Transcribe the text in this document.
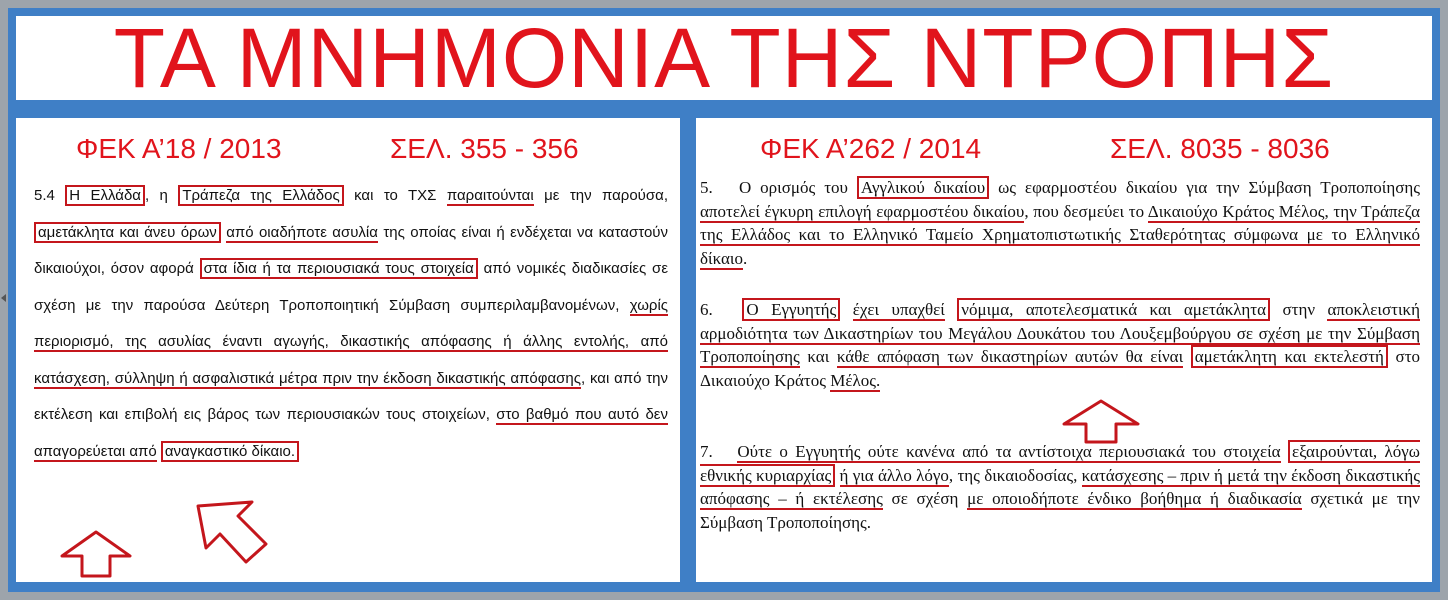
ΤΑ ΜΝΗΜΟΝΙΑ ΤΗΣ ΝΤΡΟΠΗΣ
ΦΕΚ Α’18 / 2013	ΣΕΛ. 355 - 356
5.4 Η Ελλάδα , η Τράπεζα της Ελλάδος και το ΤΧΣ παραιτούνται με την παρούσα, αμετάκλητα και άνευ όρων από οιαδήποτε ασυλία της οποίας είναι ή ενδέχεται να καταστούν δικαιούχοι, όσον αφορά στα ίδια ή τα περιουσιακά τους στοιχεία από νομικές διαδικασίες σε σχέση με την παρούσα Δεύτερη Τροποποιητική Σύμβαση συμπεριλαμβανομένων, χωρίς περιορισμό, της ασυλίας έναντι αγωγής, δικαστικής απόφασης ή άλλης εντολής, από κατάσχεση, σύλληψη ή ασφαλιστικά μέτρα πριν την έκδοση δικαστικής απόφασης, και από την εκτέλεση και επιβολή εις βάρος των περιουσιακών τους στοιχείων, στο βαθμό που αυτό δεν απαγορεύεται από αναγκαστικό δίκαιο.
ΦΕΚ Α’262 / 2014	ΣΕΛ. 8035 - 8036
5. Ο ορισμός του Αγγλικού δικαίου ως εφαρμοστέου δικαίου για την Σύμβαση Τροποποίησης αποτελεί έγκυρη επιλογή εφαρμοστέου δικαίου, που δεσμεύει το Δικαιούχο Κράτος Μέλος, την Τράπεζα της Ελλάδος και το Ελληνικό Ταμείο Χρηματοπιστωτικής Σταθερότητας σύμφωνα με το Ελληνικό δίκαιο.
6. Ο Εγγυητής έχει υπαχθεί νόμιμα, αποτελεσματικά και αμετάκλητα στην αποκλειστική αρμοδιότητα των Δικαστηρίων του Μεγάλου Δουκάτου του Λουξεμβούργου σε σχέση με την Σύμβαση Τροποποίησης και κάθε απόφαση των δικαστηρίων αυτών θα είναι αμετάκλητη και εκτελεστή στο Δικαιούχο Κράτος Μέλος.
7. Ούτε ο Εγγυητής ούτε κανένα από τα αντίστοιχα περιουσιακά του στοιχεία εξαιρούνται, λόγω εθνικής κυριαρχίας ή για άλλο λόγο, της δικαιοδοσίας, κατάσχεσης – πριν ή μετά την έκδοση δικαστικής απόφασης – ή εκτέλεσης σε σχέση με οποιοδήποτε ένδικο βοήθημα ή διαδικασία σχετικά με την Σύμβαση Τροποποίησης.
